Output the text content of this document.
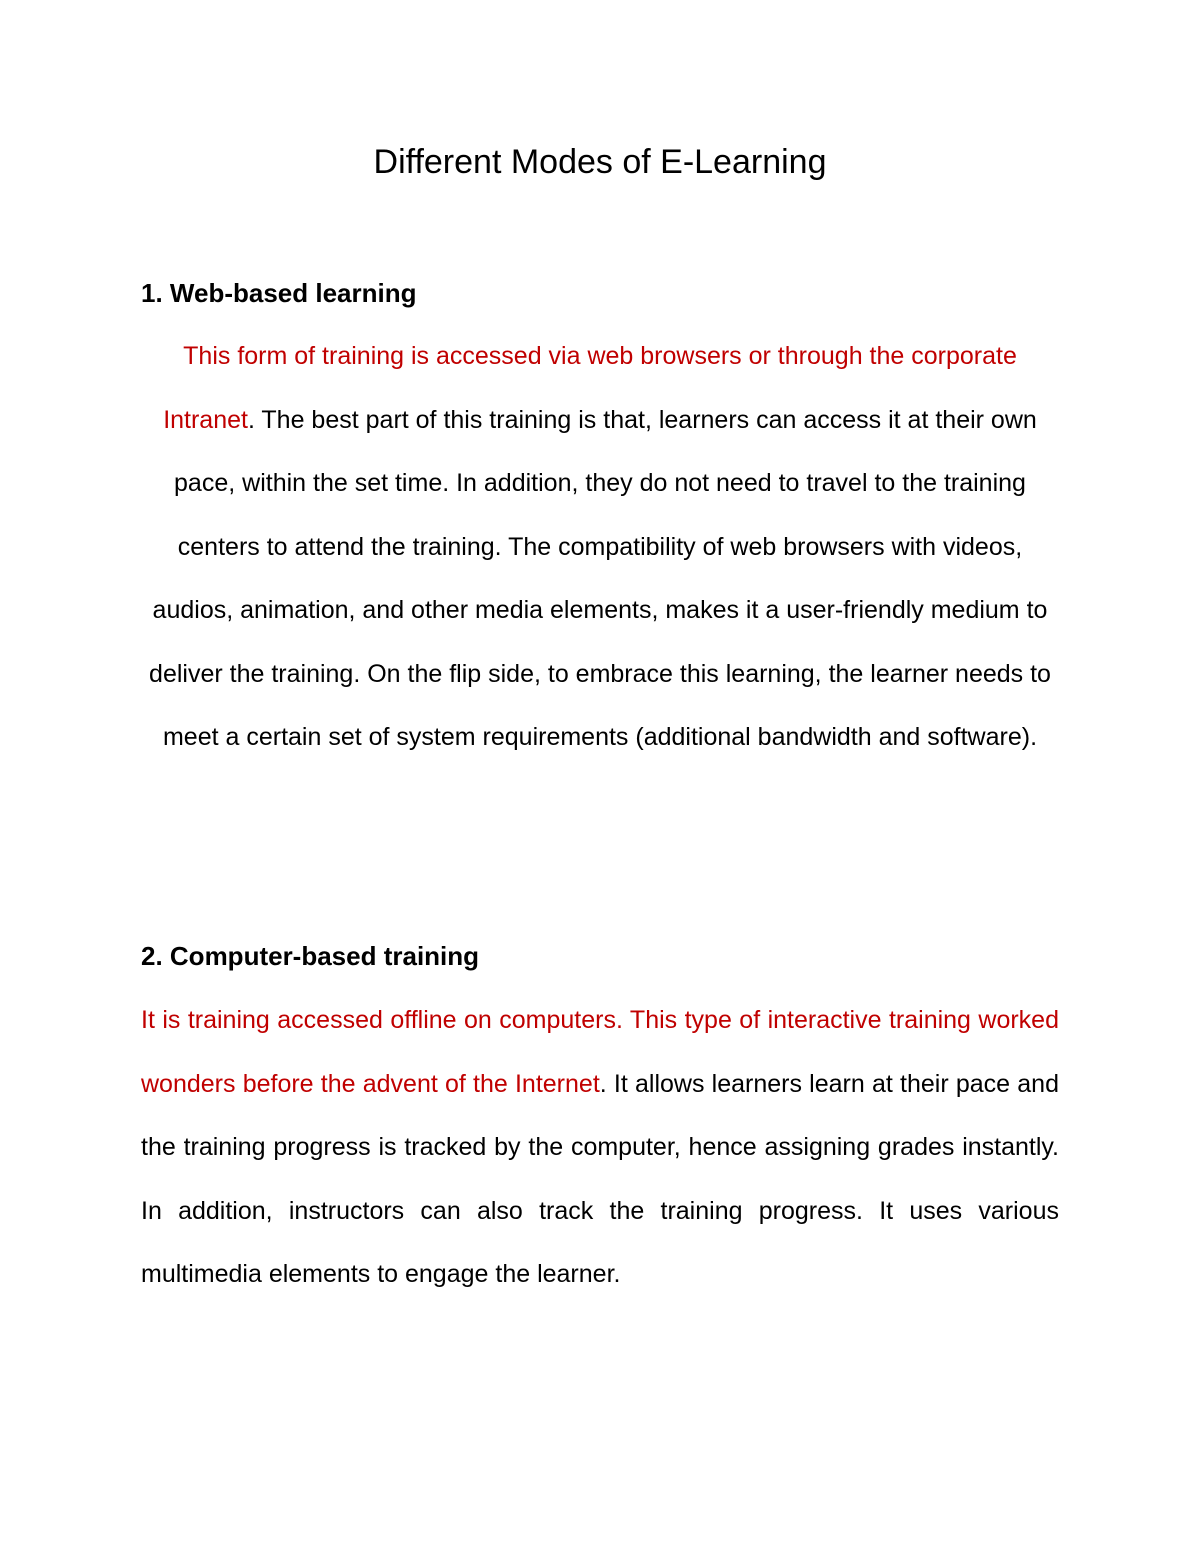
Different Modes of E-Learning
1. Web-based learning

This form of training is accessed via web browsers or through the corporate Intranet. The best part of this training is that, learners can access it at their own pace, within the set time. In addition, they do not need to travel to the training centers to attend the training. The compatibility of web browsers with videos, audios, animation, and other media elements, makes it a user-friendly medium to deliver the training. On the flip side, to embrace this learning, the learner needs to meet a certain set of system requirements (additional bandwidth and software).

2. Computer-based training

It is training accessed offline on computers. This type of interactive training worked wonders before the advent of the Internet. It allows learners learn at their pace and the training progress is tracked by the computer, hence assigning grades instantly. In addition, instructors can also track the training progress. It uses various multimedia elements to engage the learner.
